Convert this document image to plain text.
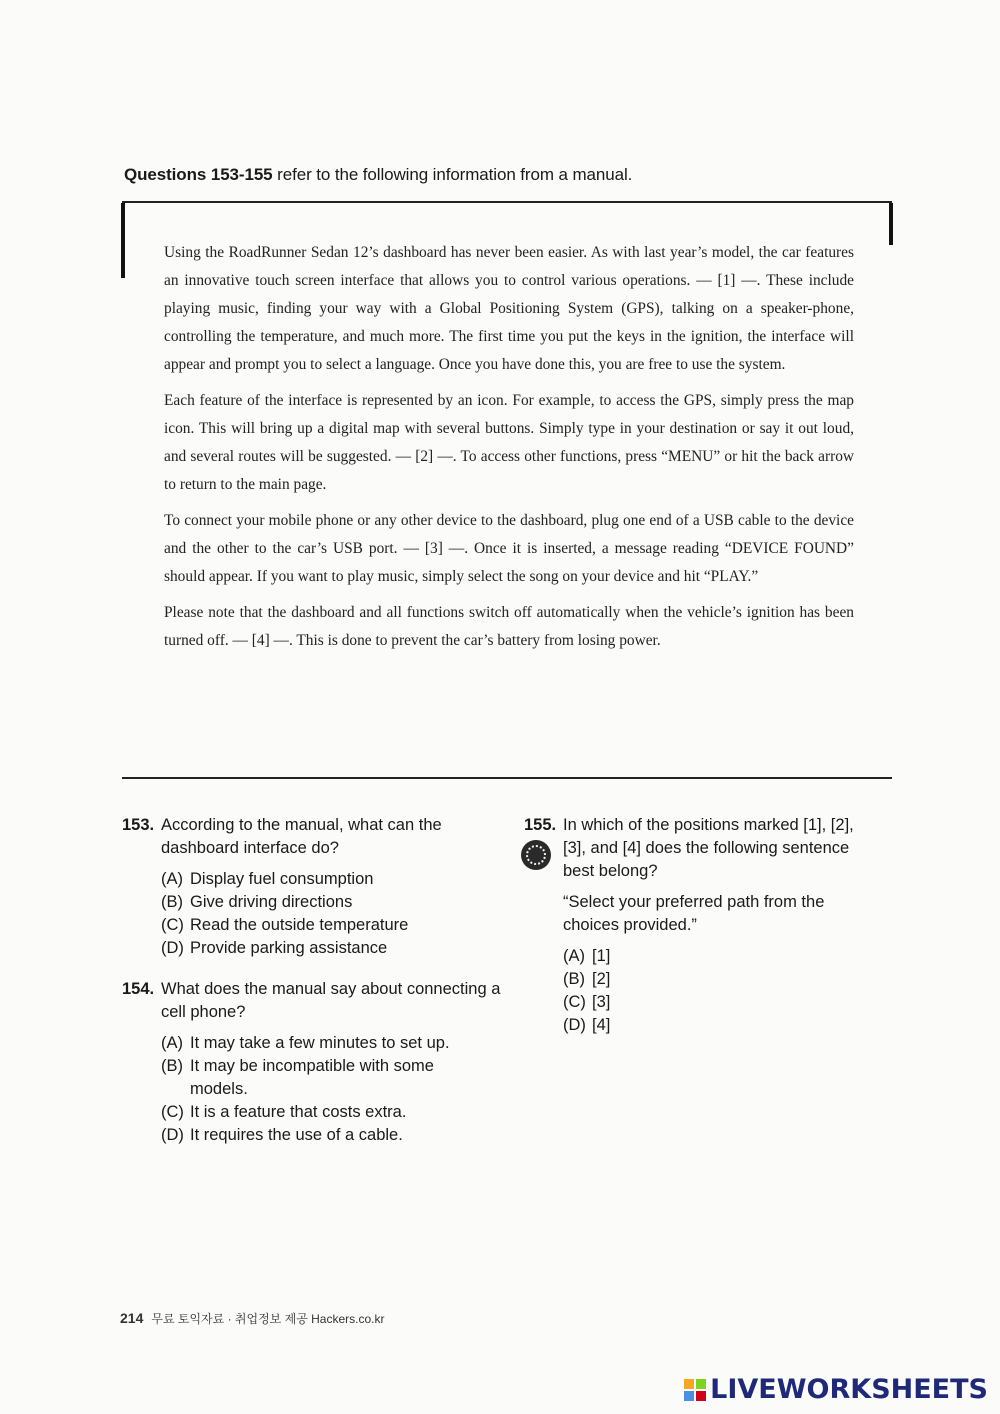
Questions 153-155 refer to the following information from a manual.

Using the RoadRunner Sedan 12’s dashboard has never been easier. As with last year’s model, the car features an innovative touch screen interface that allows you to control various operations. — [1] —. These include playing music, finding your way with a Global Positioning System (GPS), talking on a speaker-phone, controlling the temperature, and much more. The first time you put the keys in the ignition, the interface will appear and prompt you to select a language. Once you have done this, you are free to use the system.

Each feature of the interface is represented by an icon. For example, to access the GPS, simply press the map icon. This will bring up a digital map with several buttons. Simply type in your destination or say it out loud, and several routes will be suggested. — [2] —. To access other functions, press “MENU” or hit the back arrow to return to the main page.

To connect your mobile phone or any other device to the dashboard, plug one end of a USB cable to the device and the other to the car’s USB port. — [3] —. Once it is inserted, a message reading “DEVICE FOUND” should appear. If you want to play music, simply select the song on your device and hit “PLAY.”

Please note that the dashboard and all functions switch off automatically when the vehicle’s ignition has been turned off. — [4] —. This is done to prevent the car’s battery from losing power.

153. According to the manual, what can the dashboard interface do?
(A) Display fuel consumption
(B) Give driving directions
(C) Read the outside temperature
(D) Provide parking assistance
154. What does the manual say about connecting a cell phone?
(A) It may take a few minutes to set up.
(B) It may be incompatible with some models.
(C) It is a feature that costs extra.
(D) It requires the use of a cable.
155. In which of the positions marked [1], [2], [3], and [4] does the following sentence best belong?
“Select your preferred path from the choices provided.”
(A) [1]
(B) [2]
(C) [3]
(D) [4]
214 무료 토익자료 · 취업정보 제공 Hackers.co.kr
LIVEWORKSHEETS
